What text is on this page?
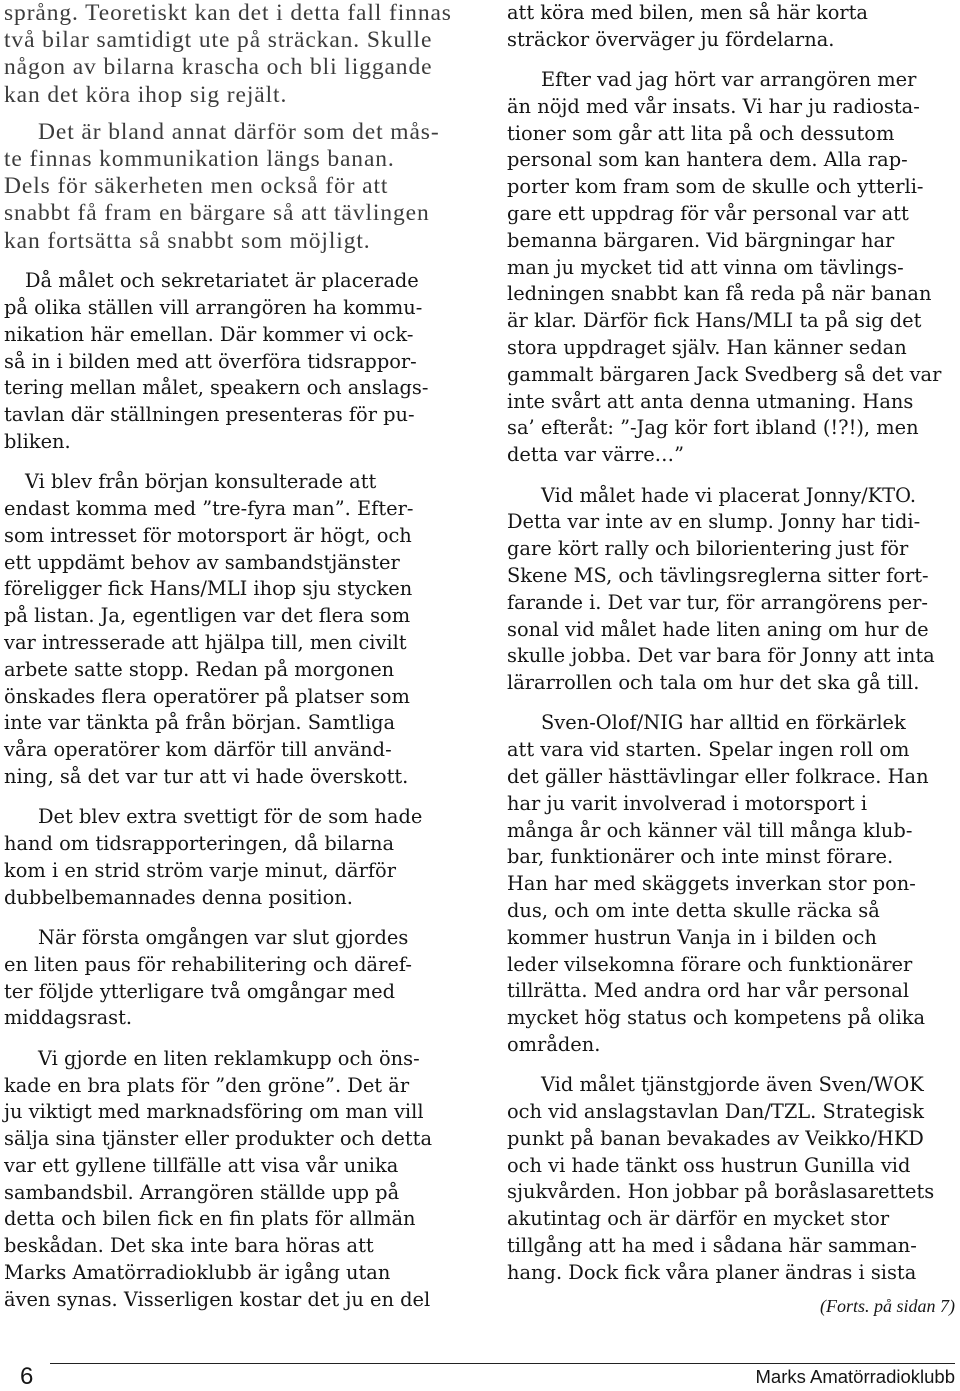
språng. Teoretiskt kan det i detta fall finnas
två bilar samtidigt ute på sträckan. Skulle
någon av bilarna krascha och bli liggande
kan det köra ihop sig rejält.
Det är bland annat därför som det mås-
te finnas kommunikation längs banan.
Dels för säkerheten men också för att
snabbt få fram en bärgare så att tävlingen
kan fortsätta så snabbt som möjligt.
Då målet och sekretariatet är placerade
på olika ställen vill arrangören ha kommu-
nikation här emellan. Där kommer vi ock-
så in i bilden med att överföra tidsrappor-
tering mellan målet, speakern och anslags-
tavlan där ställningen presenteras för pu-
bliken.
Vi blev från början konsulterade att
endast komma med ”tre-fyra man”. Efter-
som intresset för motorsport är högt, och
ett uppdämt behov av sambandstjänster
föreligger fick Hans/MLI ihop sju stycken
på listan. Ja, egentligen var det flera som
var intresserade att hjälpa till, men civilt
arbete satte stopp. Redan på morgonen
önskades flera operatörer på platser som
inte var tänkta på från början. Samtliga
våra operatörer kom därför till använd-
ning, så det var tur att vi hade överskott.
Det blev extra svettigt för de som hade
hand om tidsrapporteringen, då bilarna
kom i en strid ström varje minut, därför
dubbelbemannades denna position.
När första omgången var slut gjordes
en liten paus för rehabilitering och däref-
ter följde ytterligare två omgångar med
middagsrast.
Vi gjorde en liten reklamkupp och öns-
kade en bra plats för ”den gröne”. Det är
ju viktigt med marknadsföring om man vill
sälja sina tjänster eller produkter och detta
var ett gyllene tillfälle att visa vår unika
sambandsbil. Arrangören ställde upp på
detta och bilen fick en fin plats för allmän
beskådan. Det ska inte bara höras att
Marks Amatörradioklubb är igång utan
även synas. Visserligen kostar det ju en del
att köra med bilen, men så här korta
sträckor överväger ju fördelarna.
Efter vad jag hört var arrangören mer
än nöjd med vår insats. Vi har ju radiosta-
tioner som går att lita på och dessutom
personal som kan hantera dem. Alla rap-
porter kom fram som de skulle och ytterli-
gare ett uppdrag för vår personal var att
bemanna bärgaren. Vid bärgningar har
man ju mycket tid att vinna om tävlings-
ledningen snabbt kan få reda på när banan
är klar. Därför fick Hans/MLI ta på sig det
stora uppdraget själv. Han känner sedan
gammalt bärgaren Jack Svedberg så det var
inte svårt att anta denna utmaning. Hans
sa’ efteråt: ”-Jag kör fort ibland (!?!), men
detta var värre…”
Vid målet hade vi placerat Jonny/KTO.
Detta var inte av en slump. Jonny har tidi-
gare kört rally och bilorientering just för
Skene MS, och tävlingsreglerna sitter fort-
farande i. Det var tur, för arrangörens per-
sonal vid målet hade liten aning om hur de
skulle jobba. Det var bara för Jonny att inta
lärarrollen och tala om hur det ska gå till.
Sven-Olof/NIG har alltid en förkärlek
att vara vid starten. Spelar ingen roll om
det gäller hästtävlingar eller folkrace. Han
har ju varit involverad i motorsport i
många år och känner väl till många klub-
bar, funktionärer och inte minst förare.
Han har med skäggets inverkan stor pon-
dus, och om inte detta skulle räcka så
kommer hustrun Vanja in i bilden och
leder vilsekomna förare och funktionärer
tillrätta. Med andra ord har vår personal
mycket hög status och kompetens på olika
områden.
Vid målet tjänstgjorde även Sven/WOK
och vid anslagstavlan Dan/TZL. Strategisk
punkt på banan bevakades av Veikko/HKD
och vi hade tänkt oss hustrun Gunilla vid
sjukvården. Hon jobbar på boråslasarettets
akutintag och är därför en mycket stor
tillgång att ha med i sådana här samman-
hang. Dock fick våra planer ändras i sista
(Forts. på sidan 7)
6	Marks Amatörradioklubb
